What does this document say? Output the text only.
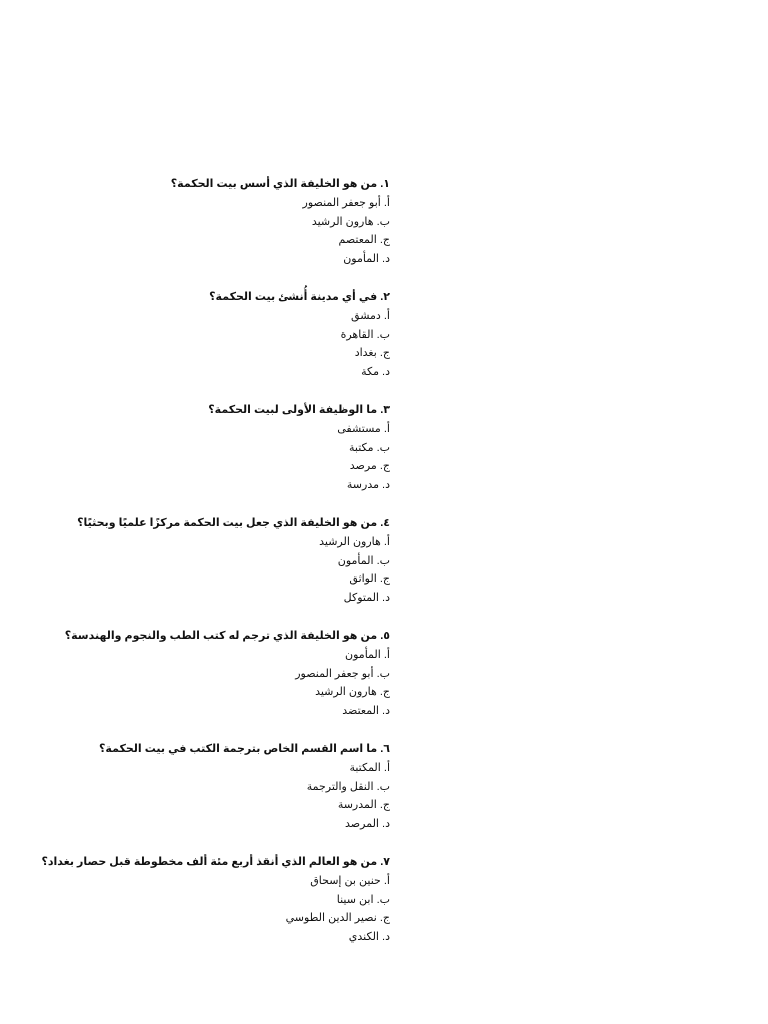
١. من هو الخليفة الذي أسس بيت الحكمة؟
أ. أبو جعفر المنصور
ب. هارون الرشيد
ج. المعتصم
د. المأمون
٢. في أي مدينة أُنشئ بيت الحكمة؟
أ. دمشق
ب. القاهرة
ج. بغداد
د. مكة
٣. ما الوظيفة الأولى لبيت الحكمة؟
أ. مستشفى
ب. مكتبة
ج. مرصد
د. مدرسة
٤. من هو الخليفة الذي جعل بيت الحكمة مركزًا علميًا وبحثيًا؟
أ. هارون الرشيد
ب. المأمون
ج. الواثق
د. المتوكل
٥. من هو الخليفة الذي ترجم له كتب الطب والنجوم والهندسة؟
أ. المأمون
ب. أبو جعفر المنصور
ج. هارون الرشيد
د. المعتضد
٦. ما اسم القسم الخاص بترجمة الكتب في بيت الحكمة؟
أ. المكتبة
ب. النقل والترجمة
ج. المدرسة
د. المرصد
٧. من هو العالم الذي أنقذ أربع مئة ألف مخطوطة قبل حصار بغداد؟
أ. حنين بن إسحاق
ب. ابن سينا
ج. نصير الدين الطوسي
د. الكندي
